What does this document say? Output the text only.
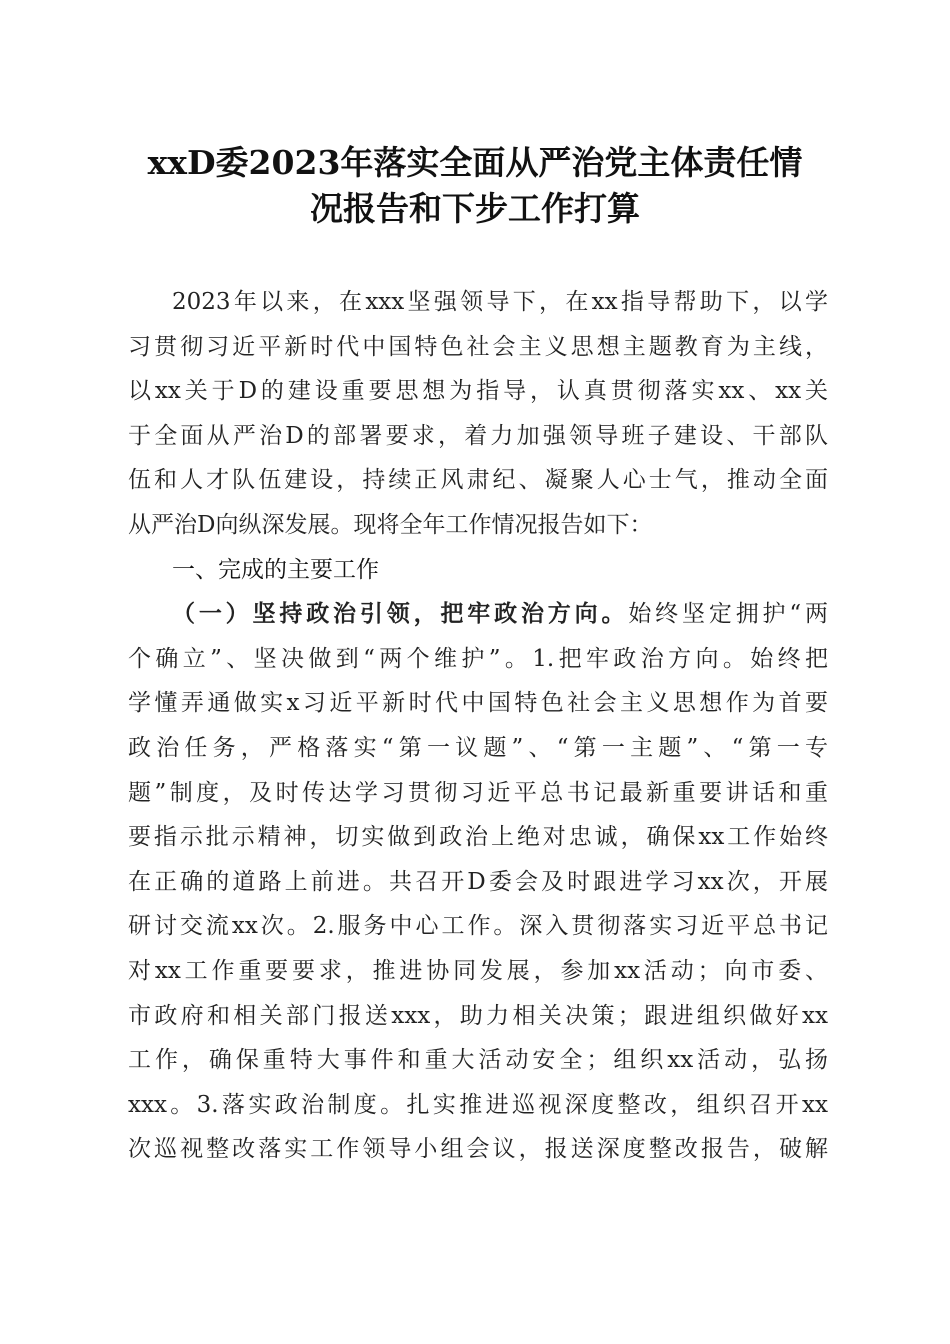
xxD委2023年落实全面从严治党主体责任情
况报告和下步工作打算
2023年以来，在xxx坚强领导下，在xx指导帮助下，以学
习贯彻习近平新时代中国特色社会主义思想主题教育为主线，
以xx关于D的建设重要思想为指导，认真贯彻落实xx、xx关
于全面从严治D的部署要求，着力加强领导班子建设、干部队
伍和人才队伍建设，持续正风肃纪、凝聚人心士气，推动全面
从严治D向纵深发展。现将全年工作情况报告如下：
一、完成的主要工作
（一）坚持政治引领，把牢政治方向。始终坚定拥护“两
个确立”、坚决做到“两个维护”。1.把牢政治方向。始终把
学懂弄通做实x习近平新时代中国特色社会主义思想作为首要
政治任务，严格落实“第一议题”、“第一主题”、“第一专
题”制度，及时传达学习贯彻习近平总书记最新重要讲话和重
要指示批示精神，切实做到政治上绝对忠诚，确保xx工作始终
在正确的道路上前进。共召开D委会及时跟进学习xx次，开展
研讨交流xx次。2.服务中心工作。深入贯彻落实习近平总书记
对xx工作重要要求，推进协同发展，参加xx活动；向市委、
市政府和相关部门报送xxx，助力相关决策；跟进组织做好xx
工作，确保重特大事件和重大活动安全；组织xx活动，弘扬
xxx。3.落实政治制度。扎实推进巡视深度整改，组织召开xx
次巡视整改落实工作领导小组会议，报送深度整改报告，破解
